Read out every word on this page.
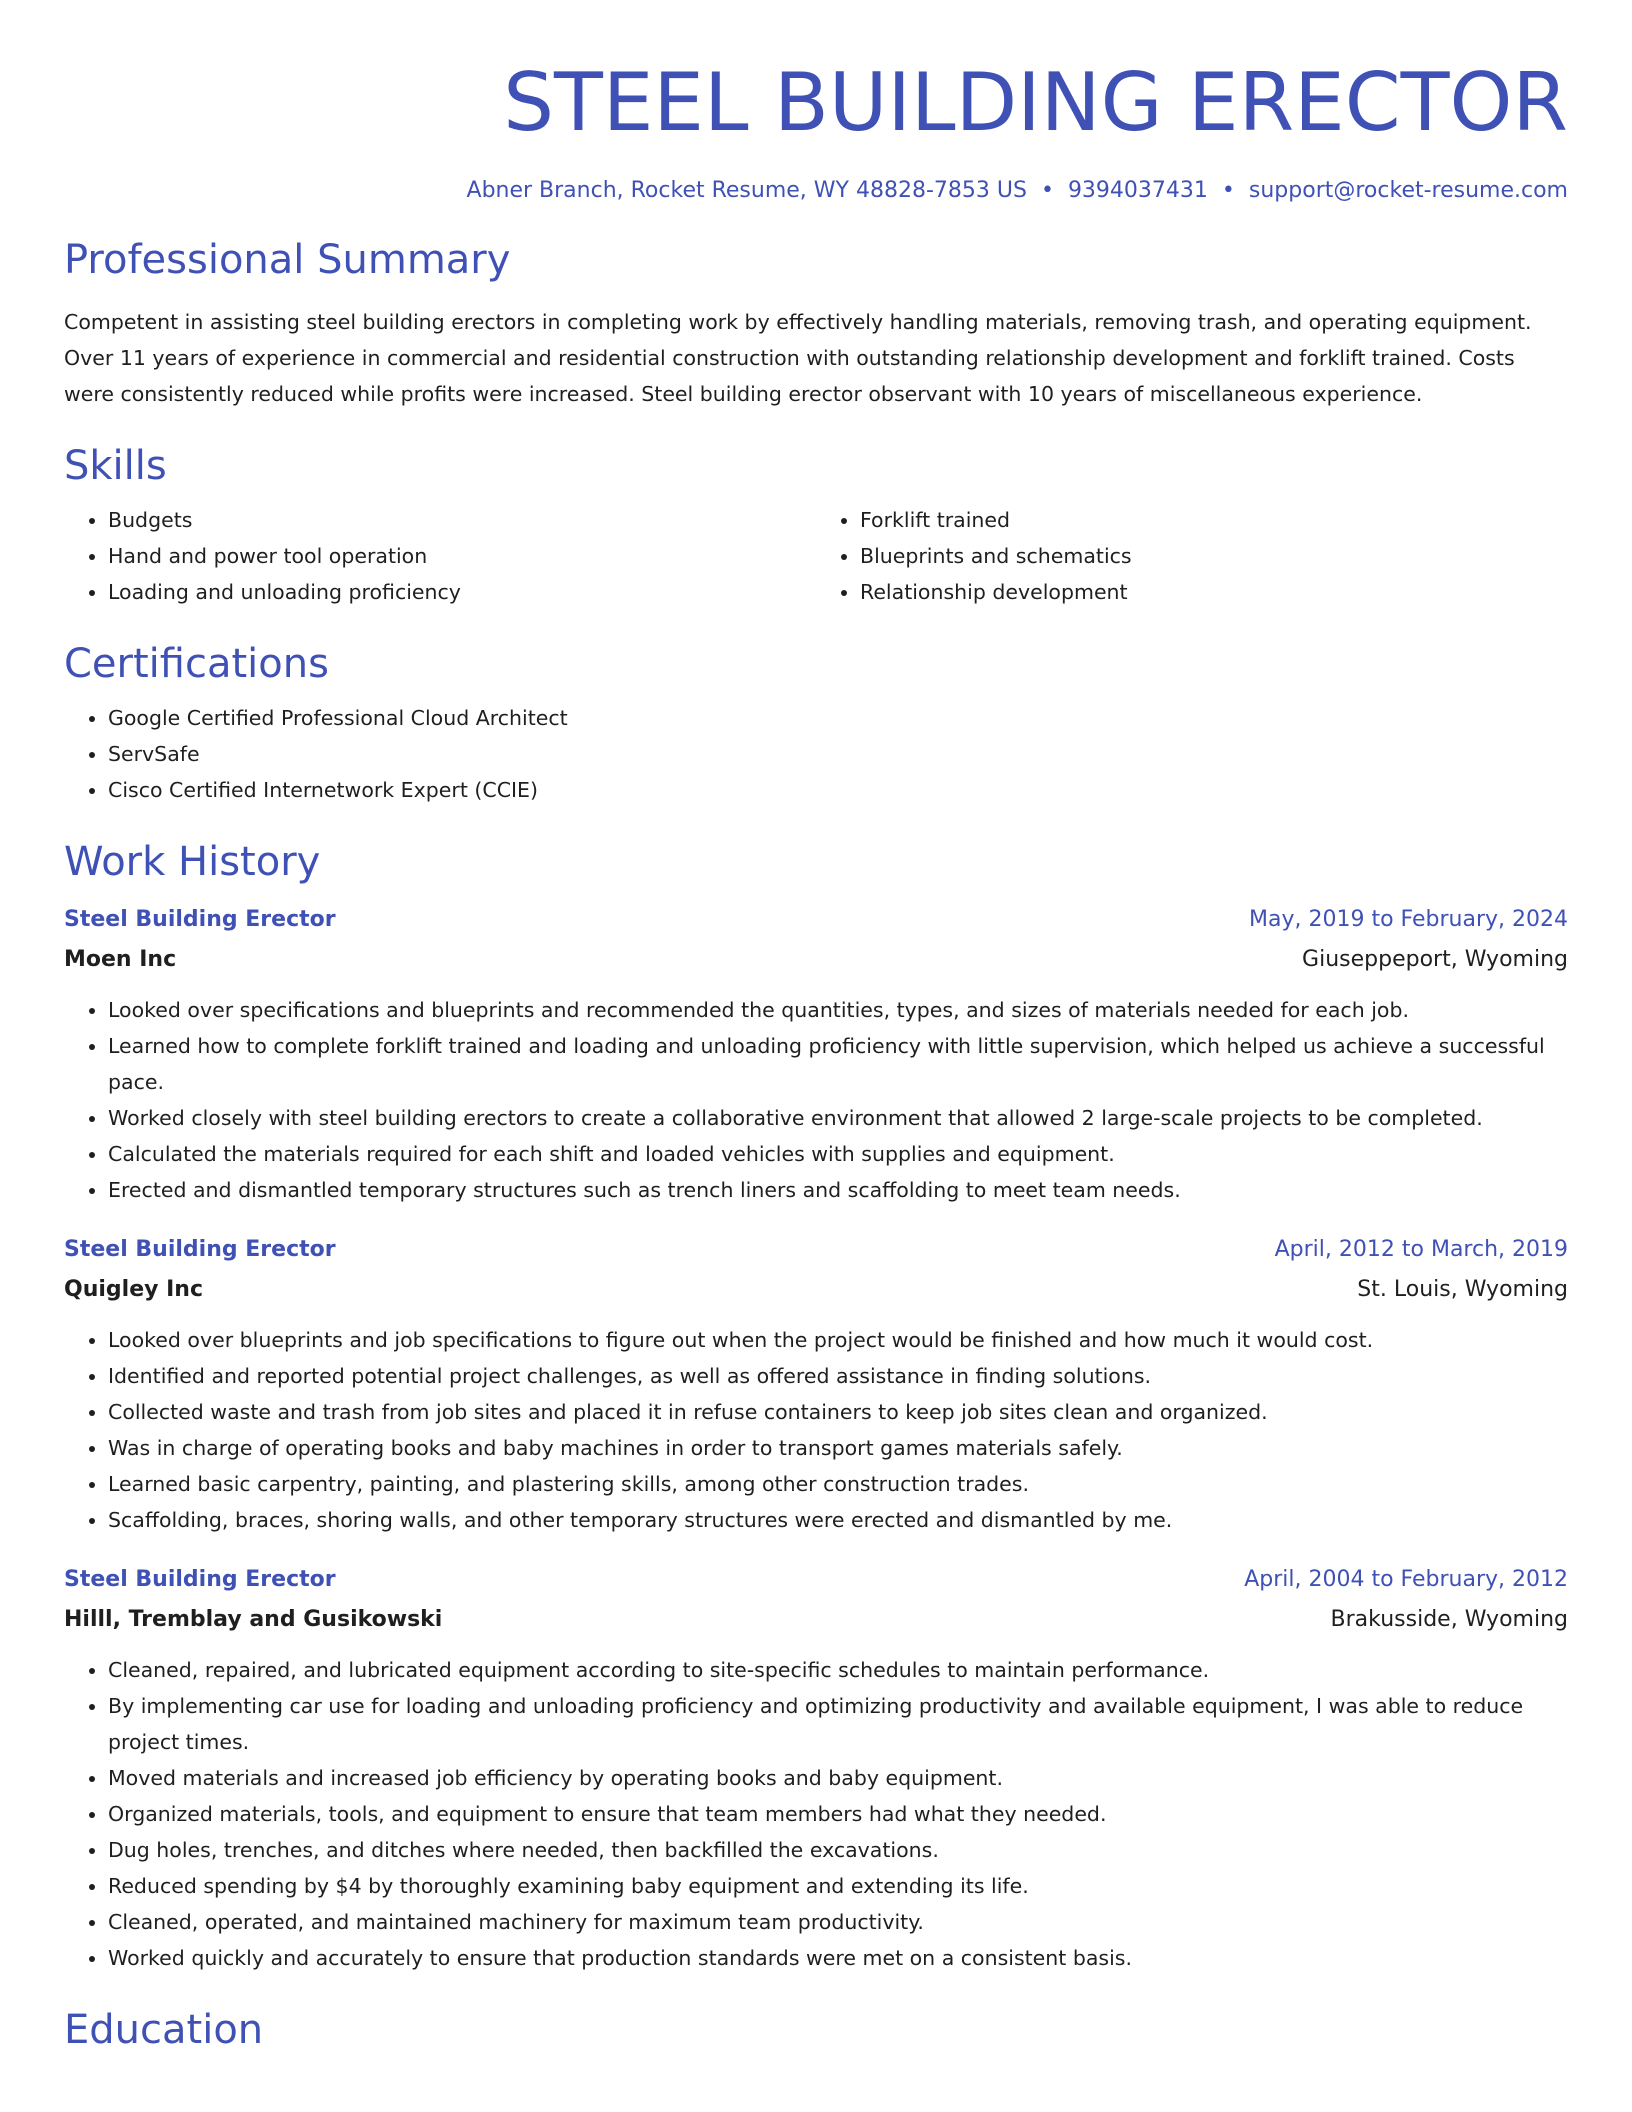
STEEL BUILDING ERECTOR
Abner Branch, Rocket Resume, WY 48828-7853 US • 9394037431 • support@rocket-resume.com
Professional Summary

Competent in assisting steel building erectors in completing work by effectively handling materials, removing trash, and operating equipment. Over 11 years of experience in commercial and residential construction with outstanding relationship development and forklift trained. Costs were consistently reduced while profits were increased. Steel building erector observant with 10 years of miscellaneous experience.

Skills
• Budgets
• Hand and power tool operation
• Loading and unloading proficiency
• Forklift trained
• Blueprints and schematics
• Relationship development
Certifications
• Google Certified Professional Cloud Architect
• ServSafe
• Cisco Certified Internetwork Expert (CCIE)
Work History
Steel Building Erector	May, 2019 to February, 2024
Moen Inc	Giuseppeport, Wyoming
• Looked over specifications and blueprints and recommended the quantities, types, and sizes of materials needed for each job.
• Learned how to complete forklift trained and loading and unloading proficiency with little supervision, which helped us achieve a successful pace.
• Worked closely with steel building erectors to create a collaborative environment that allowed 2 large-scale projects to be completed.
• Calculated the materials required for each shift and loaded vehicles with supplies and equipment.
• Erected and dismantled temporary structures such as trench liners and scaffolding to meet team needs.
Steel Building Erector	April, 2012 to March, 2019
Quigley Inc	St. Louis, Wyoming
• Looked over blueprints and job specifications to figure out when the project would be finished and how much it would cost.
• Identified and reported potential project challenges, as well as offered assistance in finding solutions.
• Collected waste and trash from job sites and placed it in refuse containers to keep job sites clean and organized.
• Was in charge of operating books and baby machines in order to transport games materials safely.
• Learned basic carpentry, painting, and plastering skills, among other construction trades.
• Scaffolding, braces, shoring walls, and other temporary structures were erected and dismantled by me.
Steel Building Erector	April, 2004 to February, 2012
Hilll, Tremblay and Gusikowski	Brakusside, Wyoming
• Cleaned, repaired, and lubricated equipment according to site-specific schedules to maintain performance.
• By implementing car use for loading and unloading proficiency and optimizing productivity and available equipment, I was able to reduce project times.
• Moved materials and increased job efficiency by operating books and baby equipment.
• Organized materials, tools, and equipment to ensure that team members had what they needed.
• Dug holes, trenches, and ditches where needed, then backfilled the excavations.
• Reduced spending by $4 by thoroughly examining baby equipment and extending its life.
• Cleaned, operated, and maintained machinery for maximum team productivity.
• Worked quickly and accurately to ensure that production standards were met on a consistent basis.
Education
